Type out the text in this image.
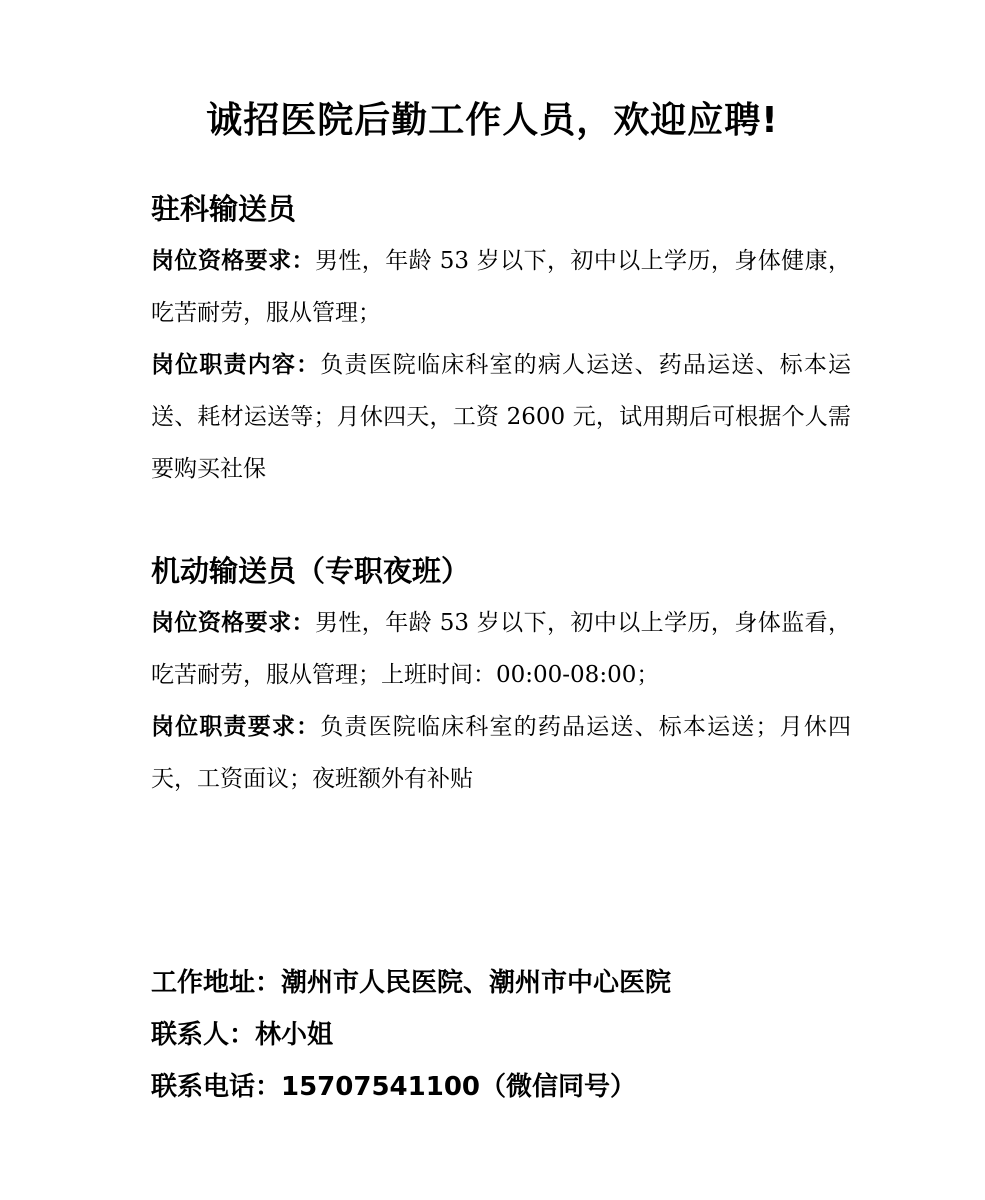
诚招医院后勤工作人员，欢迎应聘!
驻科输送员

岗位资格要求：男性，年龄 53 岁以下，初中以上学历，身体健康，吃苦耐劳，服从管理；

岗位职责内容：负责医院临床科室的病人运送、药品运送、标本运送、耗材运送等；月休四天，工资 2600 元，试用期后可根据个人需要购买社保

机动输送员（专职夜班）

岗位资格要求：男性，年龄 53 岁以下，初中以上学历，身体监看，吃苦耐劳，服从管理；上班时间：00:00-08:00；

岗位职责要求：负责医院临床科室的药品运送、标本运送；月休四天，工资面议；夜班额外有补贴

工作地址：潮州市人民医院、潮州市中心医院

联系人：林小姐

联系电话：15707541100（微信同号）
